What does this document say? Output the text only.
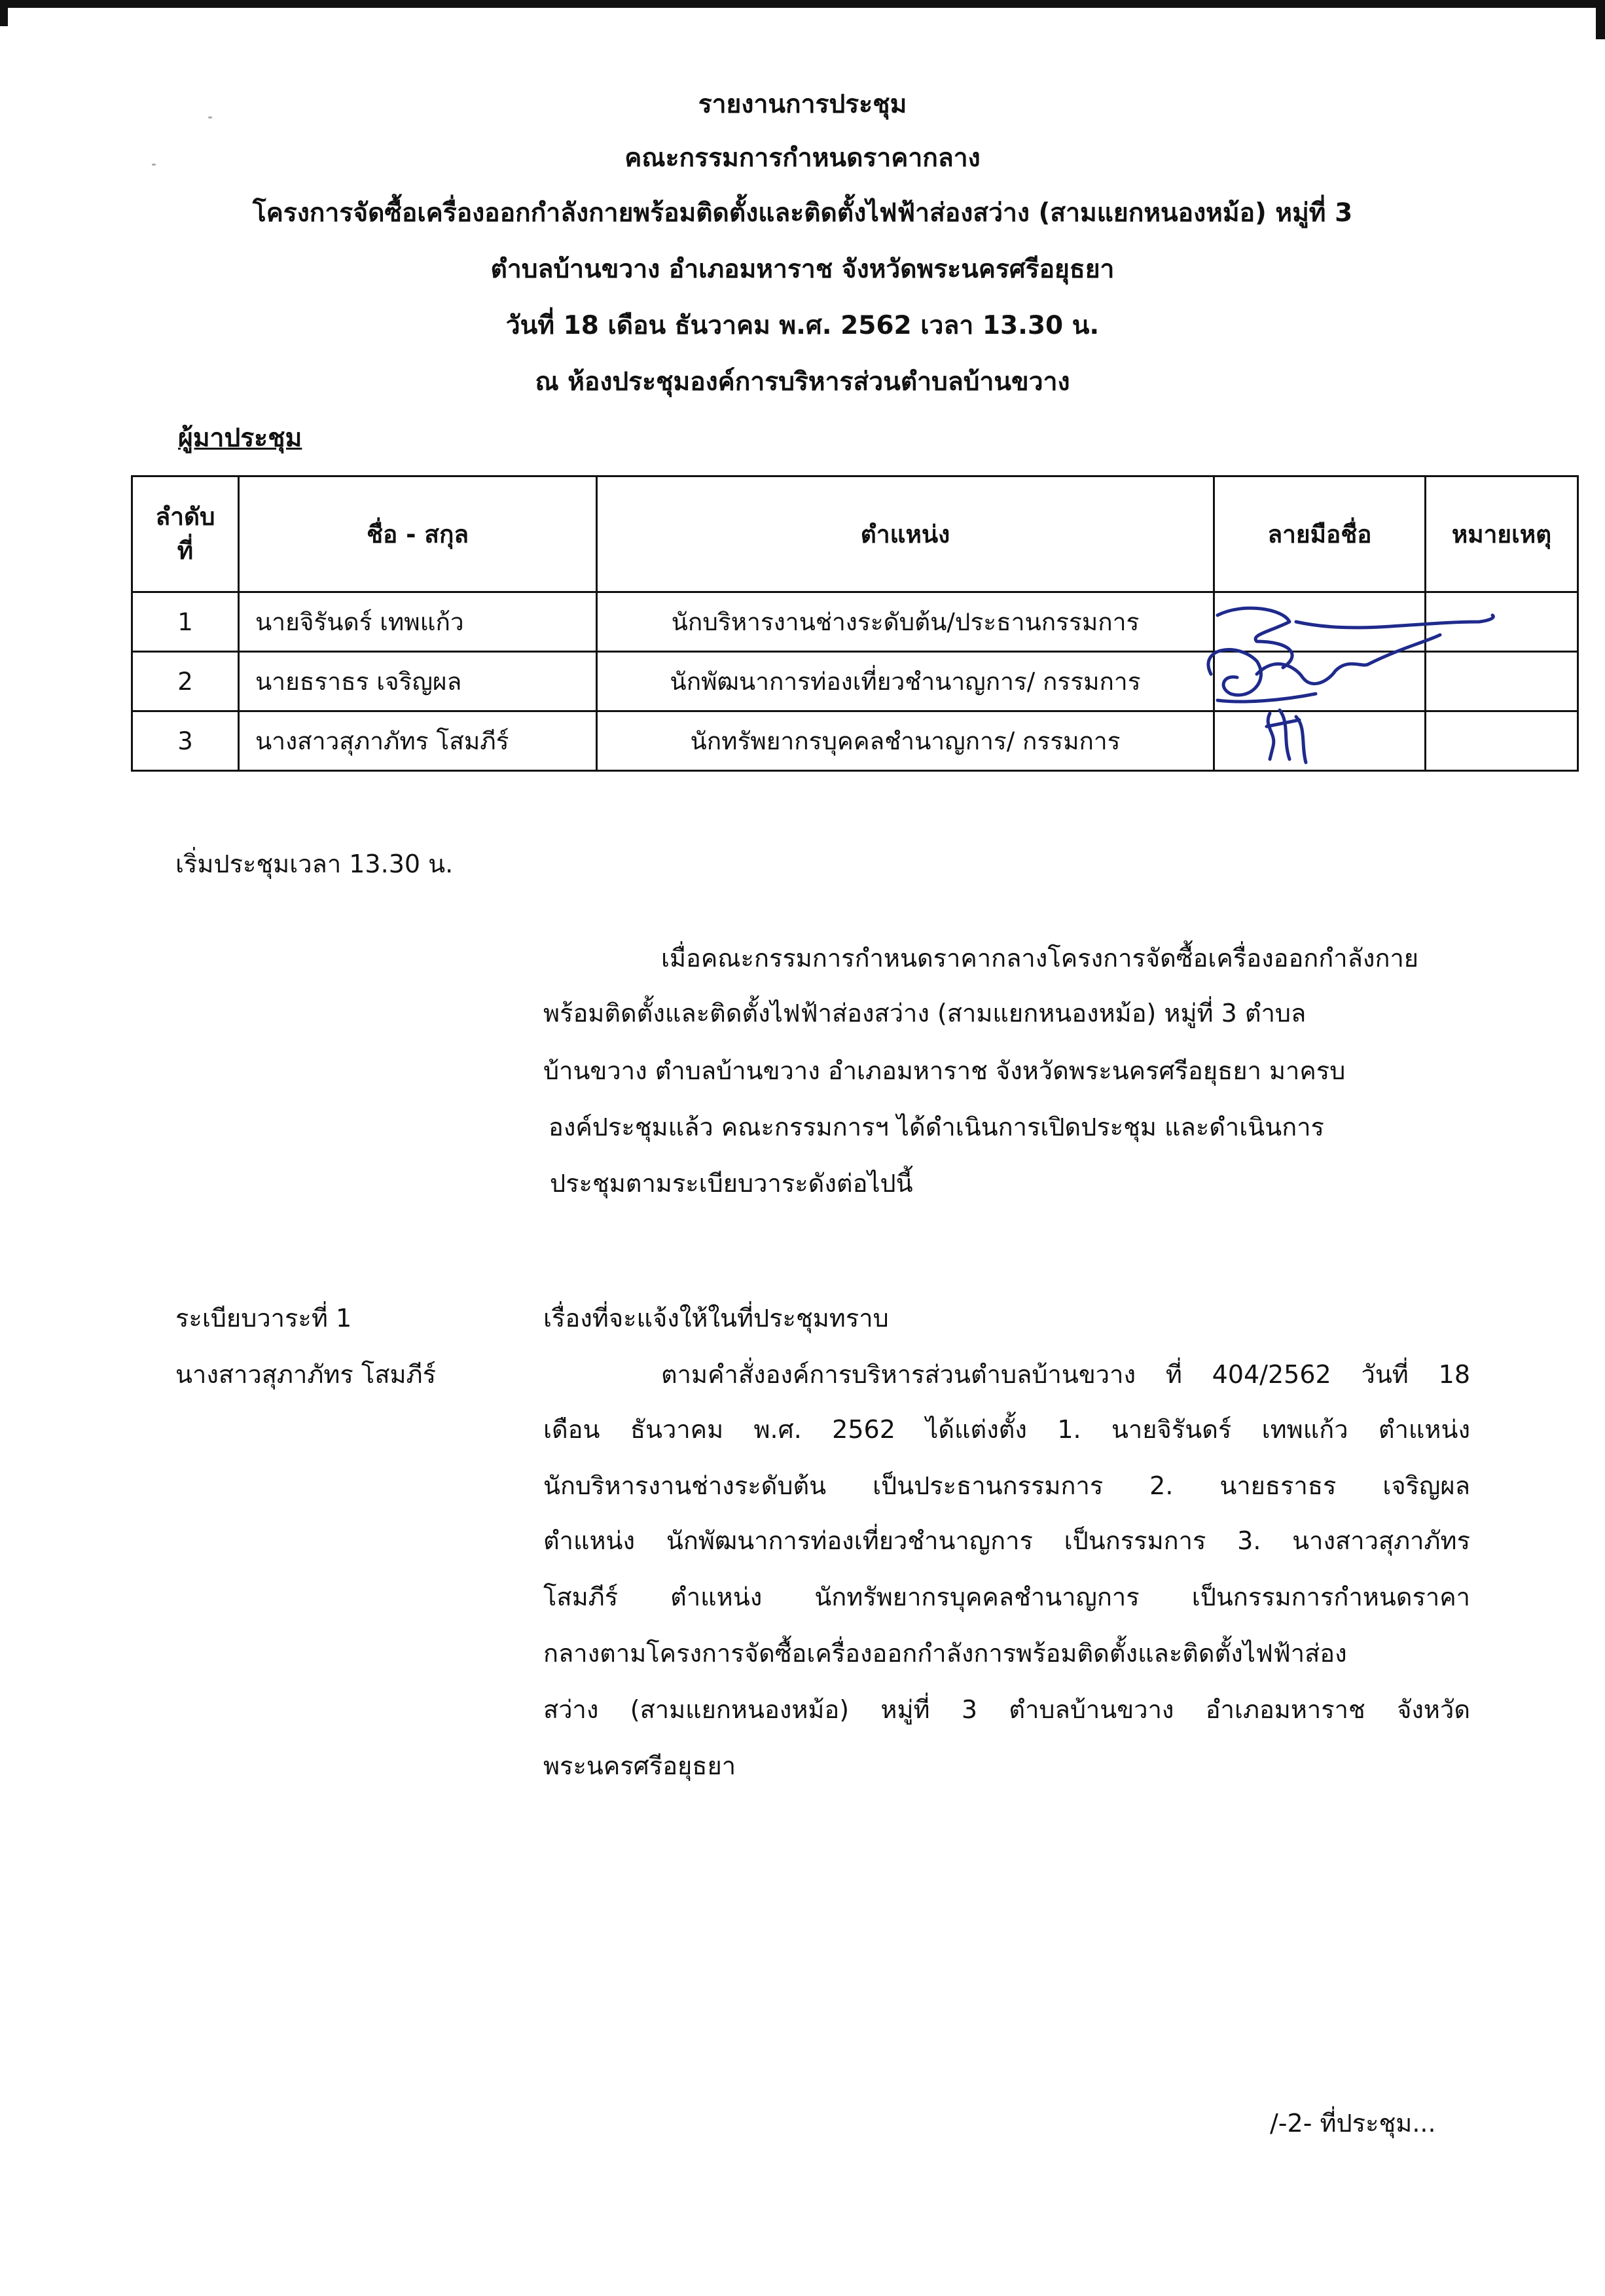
รายงานการประชุม
คณะกรรมการกำหนดราคากลาง
โครงการจัดซื้อเครื่องออกกำลังกายพร้อมติดตั้งและติดตั้งไฟฟ้าส่องสว่าง (สามแยกหนองหม้อ) หมู่ที่ 3
ตำบลบ้านขวาง อำเภอมหาราช จังหวัดพระนครศรีอยุธยา
วันที่ 18 เดือน ธันวาคม พ.ศ. 2562 เวลา 13.30 น.
ณ ห้องประชุมองค์การบริหารส่วนตำบลบ้านขวาง
ผู้มาประชุม
ลำดับ
ที่	ชื่อ - สกุล	ตำแหน่ง	ลายมือชื่อ	หมายเหตุ
1	นายจิรันดร์ เทพแก้ว	นักบริหารงานช่างระดับต้น/ประธานกรรมการ		
2	นายธราธร เจริญผล	นักพัฒนาการท่องเที่ยวชำนาญการ/ กรรมการ		
3	นางสาวสุภาภัทร โสมภีร์	นักทรัพยากรบุคคลชำนาญการ/ กรรมการ		
เริ่มประชุมเวลา 13.30 น.
เมื่อคณะกรรมการกำหนดราคากลางโครงการจัดซื้อเครื่องออกกำลังกาย
พร้อมติดตั้งและติดตั้งไฟฟ้าส่องสว่าง (สามแยกหนองหม้อ) หมู่ที่ 3 ตำบล
บ้านขวาง ตำบลบ้านขวาง อำเภอมหาราช จังหวัดพระนครศรีอยุธยา มาครบ
องค์ประชุมแล้ว คณะกรรมการฯ ได้ดำเนินการเปิดประชุม และดำเนินการ
ประชุมตามระเบียบวาระดังต่อไปนี้
ระเบียบวาระที่ 1	เรื่องที่จะแจ้งให้ในที่ประชุมทราบ
นางสาวสุภาภัทร โสมภีร์	ตามคำสั่งองค์การบริหารส่วนตำบลบ้านขวาง ที่ 404/2562 วันที่ 18
เดือน ธันวาคม พ.ศ. 2562 ได้แต่งตั้ง 1. นายจิรันดร์ เทพแก้ว ตำแหน่ง
นักบริหารงานช่างระดับต้น เป็นประธานกรรมการ 2. นายธราธร เจริญผล
ตำแหน่ง นักพัฒนาการท่องเที่ยวชำนาญการ เป็นกรรมการ 3. นางสาวสุภาภัทร
โสมภีร์ ตำแหน่ง นักทรัพยากรบุคคลชำนาญการ เป็นกรรมการกำหนดราคา
กลางตามโครงการจัดซื้อเครื่องออกกำลังการพร้อมติดตั้งและติดตั้งไฟฟ้าส่อง
สว่าง (สามแยกหนองหม้อ) หมู่ที่ 3 ตำบลบ้านขวาง อำเภอมหาราช จังหวัด
พระนครศรีอยุธยา
/-2- ที่ประชุม...
